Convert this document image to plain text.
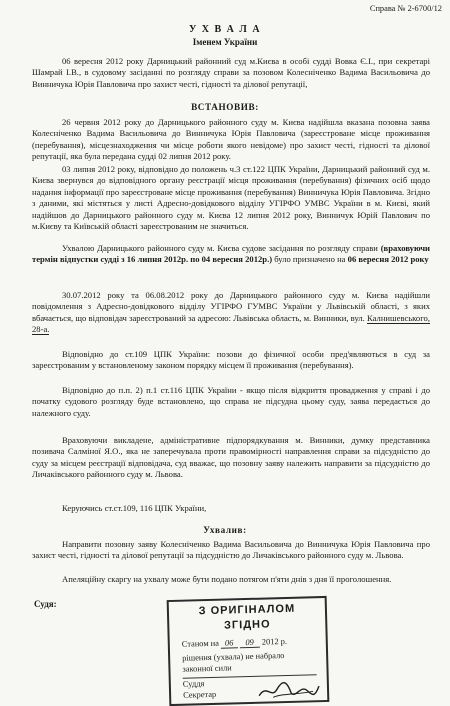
Справа № 2-6700/12
У Х В А Л А
Іменем України
06 вересня 2012 року Дарницький районний суд м.Києва в особі судді Вовка Є.І., при секретарі Шамрай І.В., в судовому засіданні по розгляду справи за позовом Колесніченко Вадима Васильовича до Винничука Юрія Павловича про захист честі, гідності та ділової репутації,
ВСТАНОВИВ:
26 червня 2012 року до Дарницького районного суду м. Києва надійшла вказана позовна заява Колесніченко Вадима Васильовича до Винничука Юрія Павловича (зареєстроване місце проживання (перебування), місцезнаходження чи місце роботи якого невідоме) про захист честі, гідності та ділової репутації, яка була передана судді 02 липня 2012 року.
03 липня 2012 року, відповідно до положень ч.3 ст.122 ЦПК України, Дарницький районний суд м. Києва звернувся до відповідного органу реєстрації місця проживання (перебування) фізичних осіб щодо надання інформації про зареєстроване місце проживання (перебування) Винничука Юрія Павловича. Згідно з даними, які містяться у листі Адресно-довідкового відділу УГІРФО УМВС України в м. Києві, який надійшов до Дарницького районного суду м. Києва 12 липня 2012 року, Винничук Юрій Павлович по м.Києву та Київській області зареєстрованим не значиться.
Ухвалою Дарницького районного суду м. Києва судове засідання по розгляду справи (враховуючи термін відпустки судді з 16 липня 2012р. по 04 вересня 2012р.) було призначено на 06 вересня 2012 року
30.07.2012 року та 06.08.2012 року до Дарницького районного суду м. Києва надійшли повідомлення з Адресно-довідкового відділу УГІРФО ГУМВС України у Львівській області, з яких вбачається, що відповідач зареєстрований за адресою: Львівська область, м. Винники, вул. Калнишевського, 28-а.
Відповідно до ст.109 ЦПК України: позови до фізичної особи пред'являються в суд за зареєстрованим у встановленому законом порядку місцем її проживання (перебування).
Відповідно до п.п. 2) п.1 ст.116 ЦПК України - якщо після відкриття провадження у справі і до початку судового розгляду буде встановлено, що справа не підсудна цьому суду, заява передається до належного суду.
Враховуючи викладене, адміністративне підпорядкування м. Винники, думку представника позивача Салміної Я.О., яка не заперечувала проти правомірності направлення справи за підсудністю до суду за місцем реєстрації відповідача, суд вважає, що позовну заяву належить направити за підсудністю до Личаківського районного суду м. Львова.
Керуючись ст.ст.109, 116 ЦПК України,
Ухвалив:
Направити позовну заяву Колесніченко Вадима Васильовича до Винничука Юрія Павловича про захист честі, гідності та ділової репутації за підсудністю до Личаківського районного суду м. Львова.
Апеляційну скаргу на ухвалу може бути подано потягом п'яти днів з дня її проголошення.
Судя:	З ОРИГІНАЛОМ
ЗГІДНО
Станом на 06 09 2012 р.
рішення (ухвала) не набрало
законної сили
Суддя
Секретар
